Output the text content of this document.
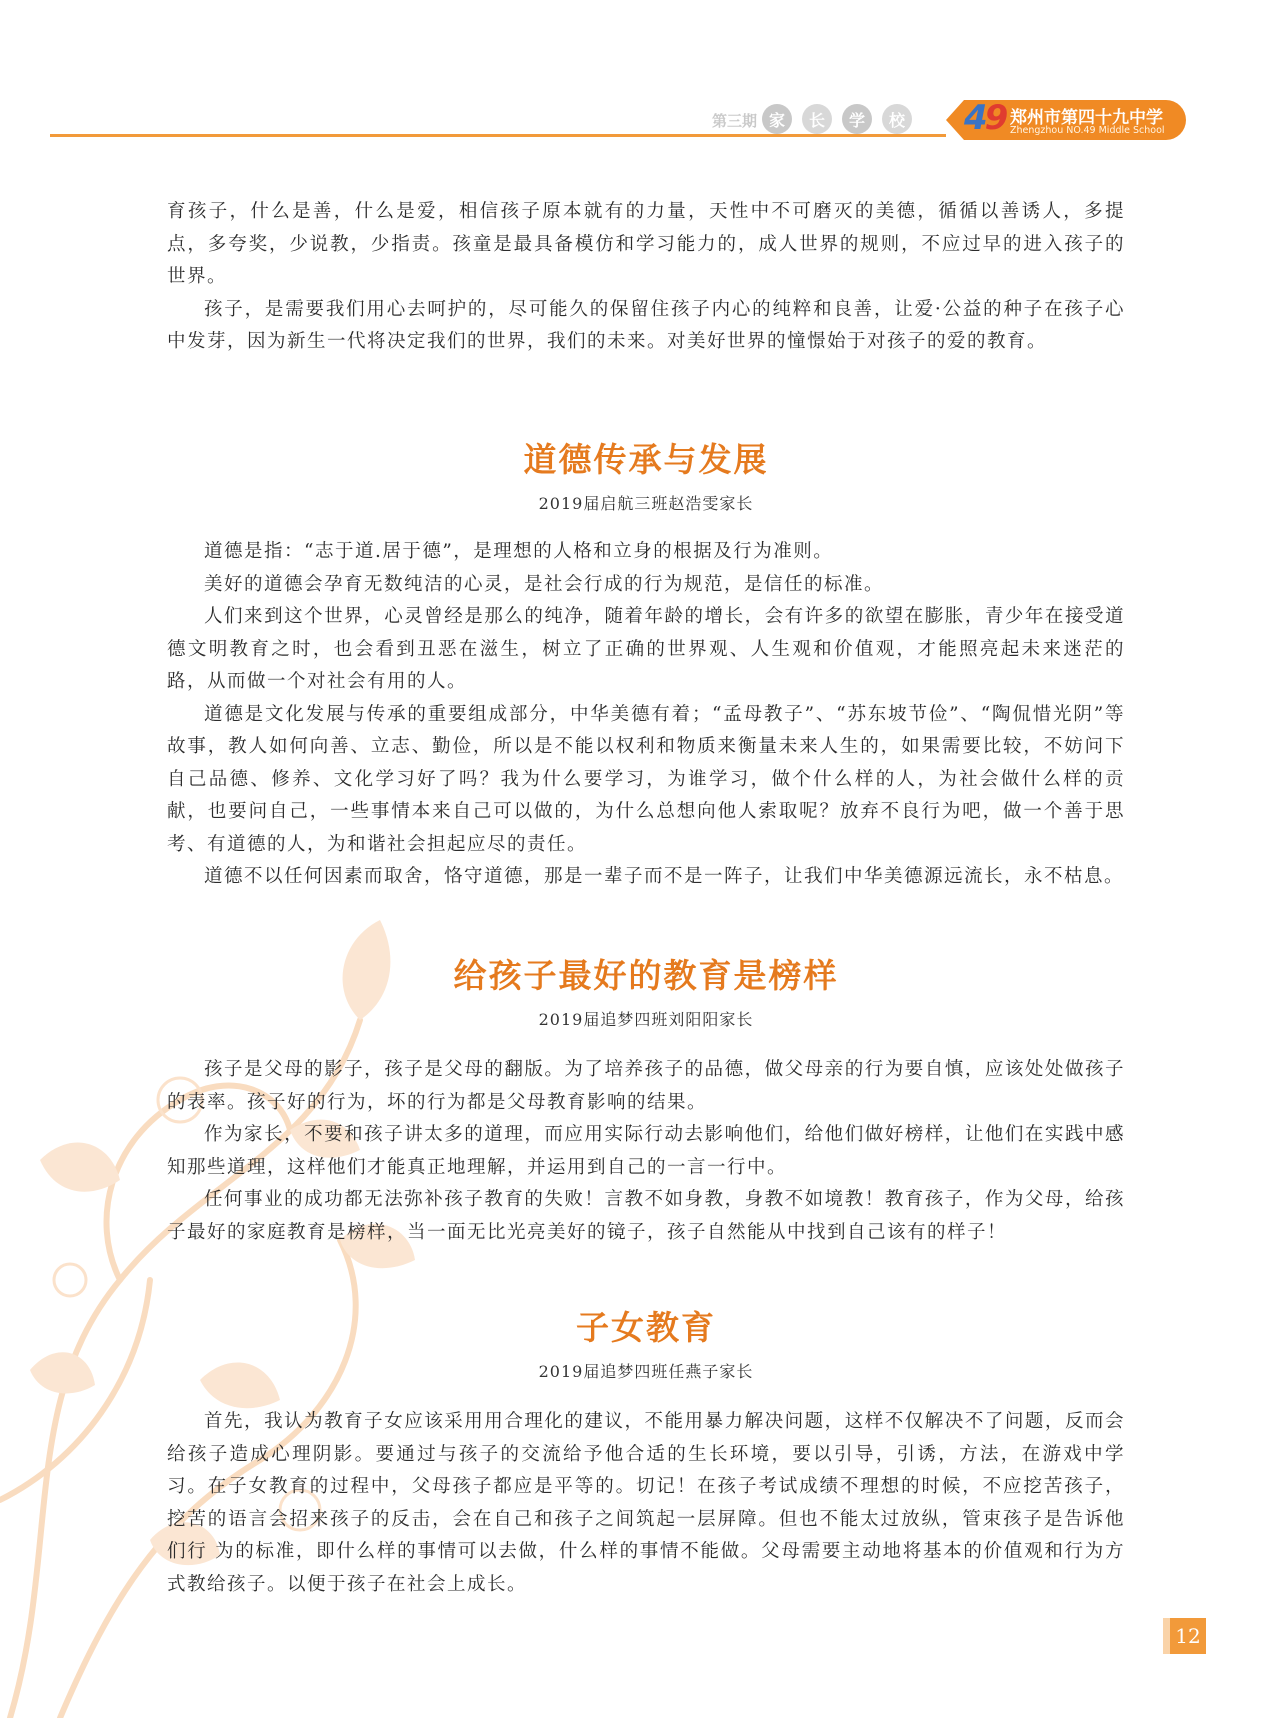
第三期 家	长	学	校 49 郑州市第四十九中学
Zhengzhou NO.49 Middle School

育孩子，什么是善，什么是爱，相信孩子原本就有的力量，天性中不可磨灭的美德，循循以善诱人，多提点，多夸奖，少说教，少指责。孩童是最具备模仿和学习能力的，成人世界的规则，不应过早的进入孩子的世界。

孩子，是需要我们用心去呵护的，尽可能久的保留住孩子内心的纯粹和良善，让爱·公益的种子在孩子心中发芽，因为新生一代将决定我们的世界，我们的未来。对美好世界的憧憬始于对孩子的爱的教育。

道德传承与发展

2019届启航三班赵浩雯家长

道德是指：“志于道.居于德”，是理想的人格和立身的根据及行为准则。

美好的道德会孕育无数纯洁的心灵，是社会行成的行为规范，是信任的标准。

人们来到这个世界，心灵曾经是那么的纯净，随着年龄的增长，会有许多的欲望在膨胀，青少年在接受道德文明教育之时，也会看到丑恶在滋生，树立了正确的世界观、人生观和价值观，才能照亮起未来迷茫的路，从而做一个对社会有用的人。

道德是文化发展与传承的重要组成部分，中华美德有着；“孟母教子”、“苏东坡节俭”、“陶侃惜光阴”等故事，教人如何向善、立志、勤俭，所以是不能以权利和物质来衡量未来人生的，如果需要比较，不妨问下自己品德、修养、文化学习好了吗？我为什么要学习，为谁学习，做个什么样的人，为社会做什么样的贡献，也要问自己，一些事情本来自己可以做的，为什么总想向他人索取呢？放弃不良行为吧，做一个善于思考、有道德的人，为和谐社会担起应尽的责任。

道德不以任何因素而取舍，恪守道德，那是一辈子而不是一阵子，让我们中华美德源远流长，永不枯息。

给孩子最好的教育是榜样

2019届追梦四班刘阳阳家长

孩子是父母的影子，孩子是父母的翻版。为了培养孩子的品德，做父母亲的行为要自慎，应该处处做孩子的表率。孩子好的行为，坏的行为都是父母教育影响的结果。

作为家长，不要和孩子讲太多的道理，而应用实际行动去影响他们，给他们做好榜样，让他们在实践中感知那些道理，这样他们才能真正地理解，并运用到自己的一言一行中。

任何事业的成功都无法弥补孩子教育的失败！言教不如身教，身教不如境教！教育孩子，作为父母，给孩子最好的家庭教育是榜样，当一面无比光亮美好的镜子，孩子自然能从中找到自己该有的样子！

子女教育

2019届追梦四班任燕子家长

首先，我认为教育子女应该采用用合理化的建议，不能用暴力解决问题，这样不仅解决不了问题，反而会给孩子造成心理阴影。要通过与孩子的交流给予他合适的生长环境，要以引导，引诱，方法，在游戏中学习。在子女教育的过程中，父母孩子都应是平等的。切记！在孩子考试成绩不理想的时候，不应挖苦孩子，挖苦的语言会招来孩子的反击，会在自己和孩子之间筑起一层屏障。但也不能太过放纵，管束孩子是告诉他们行 为的标准，即什么样的事情可以去做，什么样的事情不能做。父母需要主动地将基本的价值观和行为方式教给孩子。以便于孩子在社会上成长。

12
